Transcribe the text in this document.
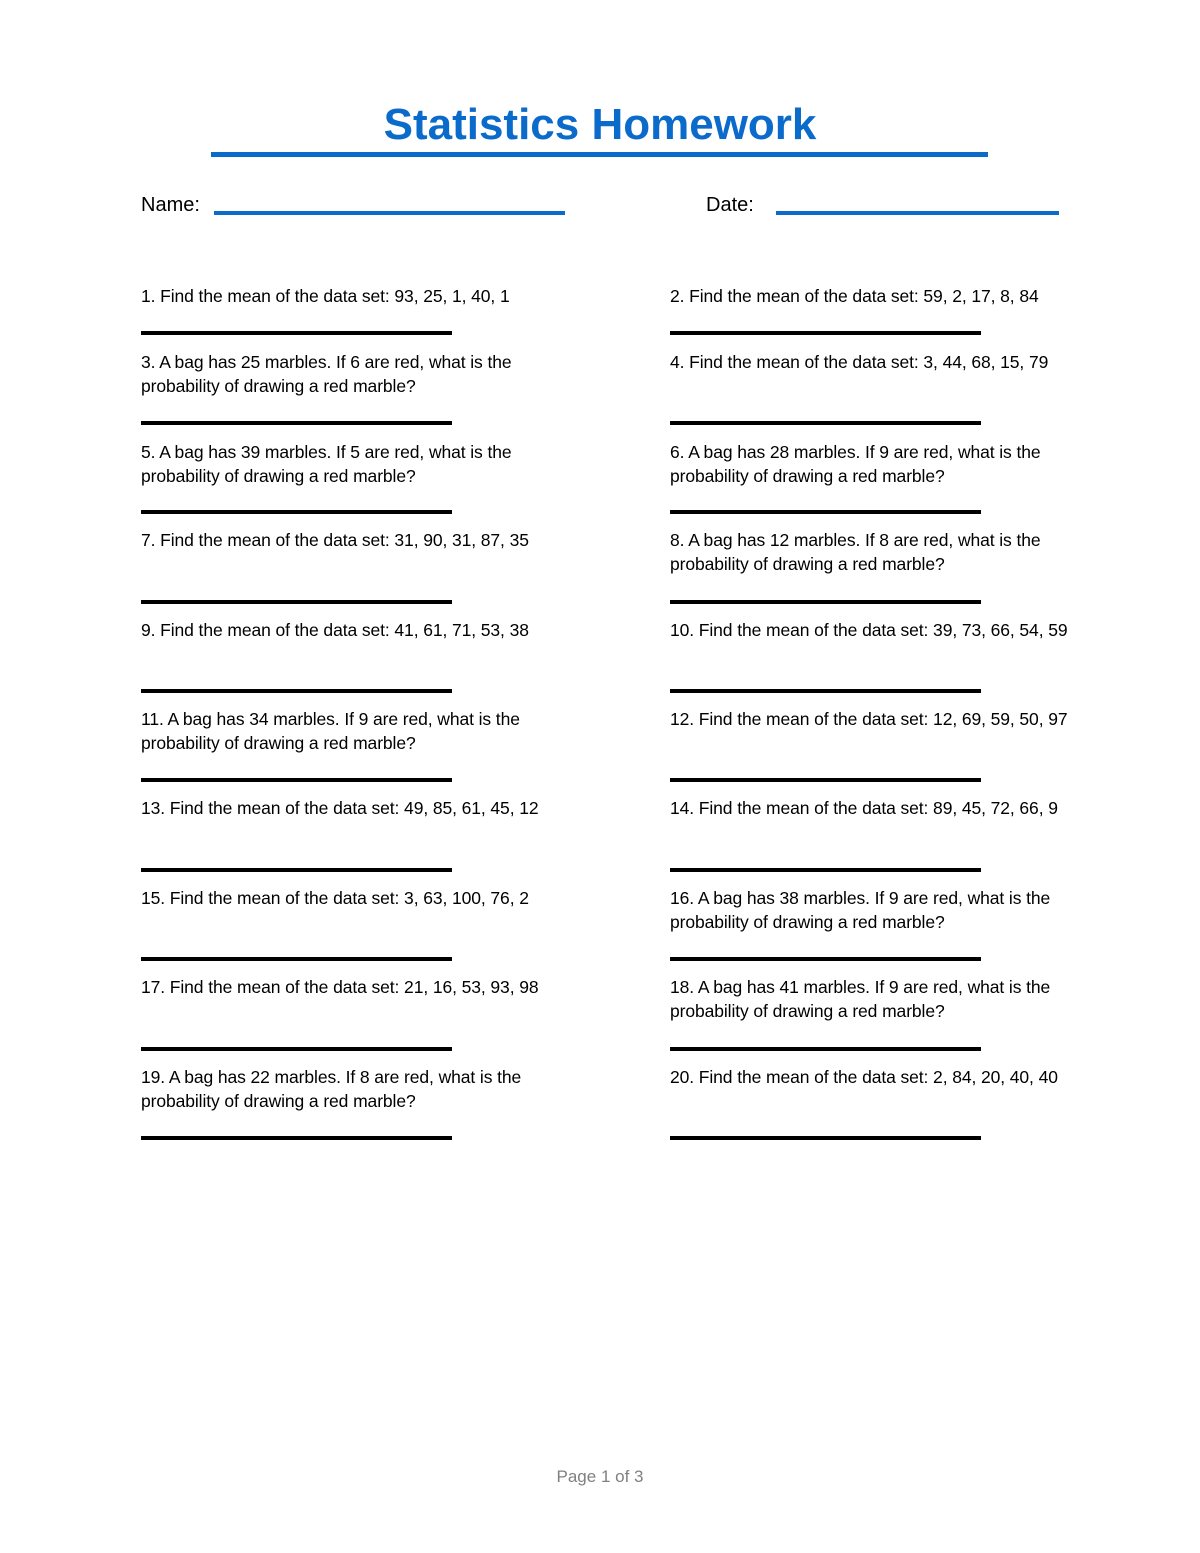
Statistics Homework
Name:	Date:

1. Find the mean of the data set: 93, 25, 1, 40, 1	2. Find the mean of the data set: 59, 2, 17, 8, 84

3. A bag has 25 marbles. If 6 are red, what is the probability of drawing a red marble?

4. Find the mean of the data set: 3, 44, 68, 15, 79

5. A bag has 39 marbles. If 5 are red, what is the probability of drawing a red marble?

6. A bag has 28 marbles. If 9 are red, what is the probability of drawing a red marble?

7. Find the mean of the data set: 31, 90, 31, 87, 35	8. A bag has 12 marbles. If 8 are red, what is the probability of drawing a red marble?

9. Find the mean of the data set: 41, 61, 71, 53, 38	10. Find the mean of the data set: 39, 73, 66, 54, 59

11. A bag has 34 marbles. If 9 are red, what is the probability of drawing a red marble?

12. Find the mean of the data set: 12, 69, 59, 50, 97

13. Find the mean of the data set: 49, 85, 61, 45, 12	14. Find the mean of the data set: 89, 45, 72, 66, 9

15. Find the mean of the data set: 3, 63, 100, 76, 2	16. A bag has 38 marbles. If 9 are red, what is the probability of drawing a red marble?

17. Find the mean of the data set: 21, 16, 53, 93, 98	18. A bag has 41 marbles. If 9 are red, what is the probability of drawing a red marble?

19. A bag has 22 marbles. If 8 are red, what is the probability of drawing a red marble?

20. Find the mean of the data set: 2, 84, 20, 40, 40

Page 1 of 3
